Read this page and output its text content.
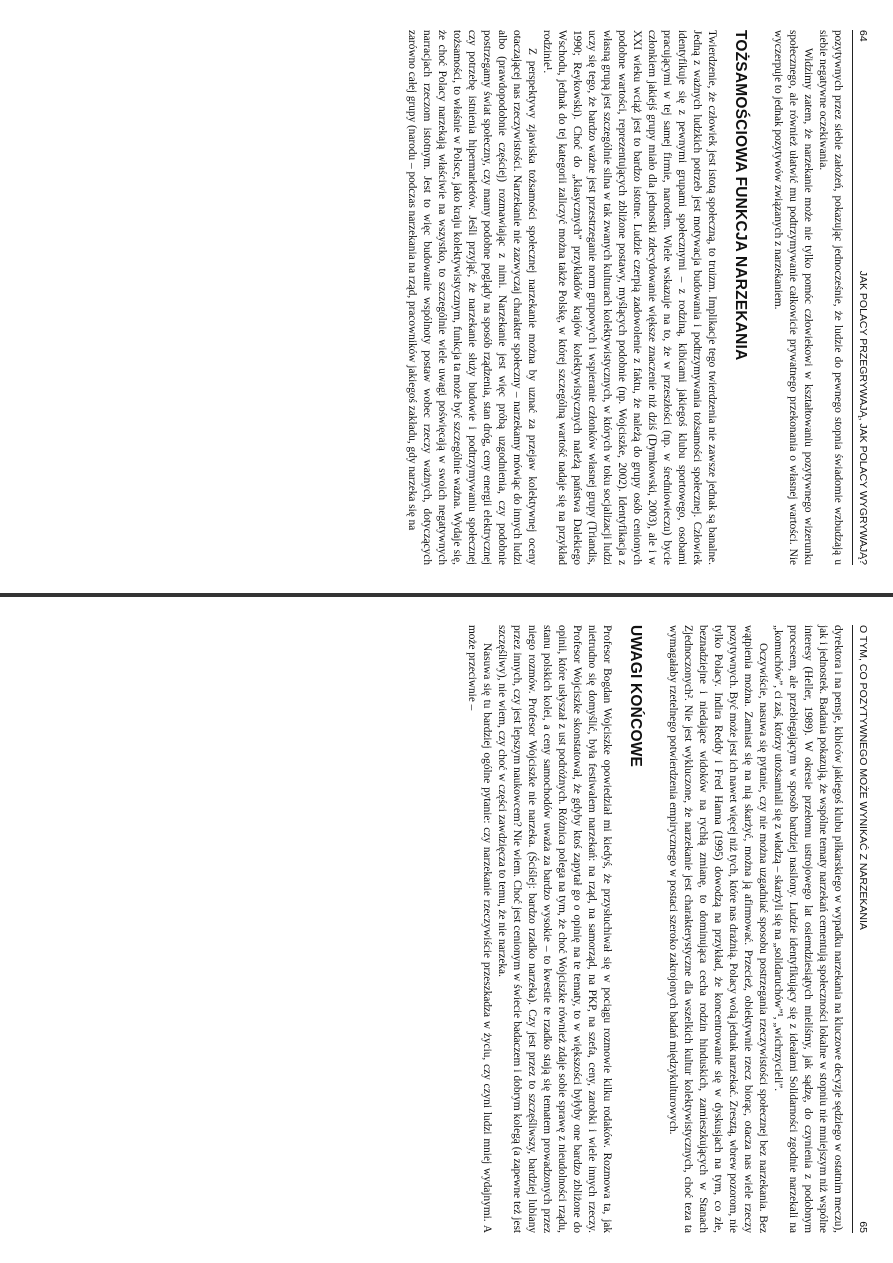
64
JAK POLACY PRZEGRYWAJĄ, JAK POLACY WYGRYWAJĄ?

pozytywnych przez siebie założeń, pokazując jednocześnie, że ludzie do pewnego stopnia świadomie wzbudzają u siebie negatywne oczekiwania.

Widzimy zatem, że narzekanie może nie tylko pomóc człowiekowi w kształtowaniu pozytywnego wizerunku społecznego, ale również ułatwić mu podtrzymywanie całkowicie prywatnego przekonania o własnej wartości. Nie wyczerpuje to jednak pozytywów związanych z narzekaniem.

TOŻSAMOŚCIOWA FUNKCJA NARZEKANIA

Twierdzenie, że człowiek jest istotą społeczną, to truizm. Implikacje tego twierdzenia nie zawsze jednak są banalne. Jedną z ważnych ludzkich potrzeb jest motywacja budowania i podtrzymywania tożsamości społecznej. Człowiek identyfikuje się z pewnymi grupami społecznymi – z rodziną, kibicami jakiegoś klubu sportowego, osobami pracującymi w tej samej firmie, narodem. Wiele wskazuje na to, że w przeszłości (np. w średniowieczu) bycie członkiem jakiejś grupy miało dla jednostki zdecydowanie większe znaczenie niż dziś (Dymkowski, 2003), ale i w XXI wieku wciąż jest to bardzo istotne. Ludzie czerpią zadowolenie z faktu, że należą do grupy osób cenionych podobne wartości, reprezentujących zbliżone postawy, myślących podobnie (np. Wojciszke, 2002). Identyfikacja z własną grupą jest szczególnie silna w tak zwanych kulturach kolektywistycznych, w których w toku socjalizacji ludzi uczy się tego, że bardzo ważne jest przestrzeganie norm grupowych i wspieranie członków własnej grupy (Triandis, 1990; Reykowski). Choć do „klasycznych” przykładów krajów kolektywistycznych należą państwa Dalekiego Wschodu, jednak do tej kategorii zaliczyć można także Polskę, w której szczególną wartość nadaje się na przykład rodzinie¹.

Z perspektywy zjawiska tożsamości społecznej narzekanie można by uznać za przejaw kolektywnej oceny otaczającej nas rzeczywistości. Narzekanie nie zazwyczaj charakter społeczny – narzekamy mówiąc do innych ludzi albo (prawdopodobnie częściej) rozmawiając z nimi. Narzekanie jest więc próbą uzgodnienia, czy podobnie postrzegamy świat społeczny, czy mamy podobne poglądy na sposób rządzenia, stan dróg, ceny energii elektrycznej czy potrzebę istnienia hipermarketów. Jeśli przyjąć, że narzekanie służy budowie i podtrzymywaniu społecznej tożsamości, to właśnie w Polsce, jako kraju kolektywistycznym, funkcja ta może być szczególnie ważna. Wydaje się, że choć Polacy narzekają właściwie na wszystko, to szczególnie wiele uwagi poświęcają w swoich negatywnych narracjach rzeczom istotnym. Jest to więc budowanie wspólnoty postaw wobec rzeczy ważnych, dotyczących zarówno całej grupy (narodu – podczas narzekania na rząd, pracowników jakiegoś zakładu, gdy narzeka się na

O TYM, CO POZYTYWNEGO MOŻE WYNIKAĆ Z NARZEKANIA
65

dyrektora i na pensje, kibiców jakiegoś klubu piłkarskiego w wypadku narzekania na kluczowe decyzje sędziego w ostatnim meczu), jak i jednostek. Badania pokazują, że wspólne tematy narzekań cementują społeczności lokalne w stopniu nie mniejszym niż wspólne interesy (Heller, 1989). W okresie przełomu ustrojowego lat osiemdziesiątych mieliśmy, jak sądzę, do czynienia z podobnym procesem, ale przebiegającym w sposób bardziej nasilony. Ludzie identyfikujący się z ideałami Solidarności zgodnie narzekali na „komuchów”, ci zaś, którzy utożsamiali się z władzą – skarżyli się na „solidaruchów”¹, „wichrzycieli”.

Oczywiście, nasuwa się pytanie, czy nie można uzgadniać sposobu postrzegania rzeczywistości społecznej bez narzekania. Bez wątpienia można. Zamiast się na nią skarżyć, można ją afirmować. Przecież, obiektywnie rzecz biorąc, otacza nas wiele rzeczy pozytywnych. Być może jest ich nawet więcej niż tych, które nas drażnią. Polacy wolą jednak narzekać. Zresztą, wbrew pozorom, nie tylko Polacy. Indira Reddy i Fred Hanna (1995) dowodzą na przykład, że koncentrowanie się w dyskusjach na tym, co złe, beznadziejne i niedające widoków na rychłą zmianę, to dominująca cecha rodzin hinduskich, zamieszkujących w Stanach Zjednoczonych². Nie jest wykluczone, że narzekanie jest charakterystyczne dla wszelkich kultur kolektywistycznych, choć teza ta wymagałaby rzetelnego potwierdzenia empirycznego w postaci szeroko zakrojonych badań międzykulturowych.

UWAGI KOŃCOWE

Profesor Bogdan Wojciszke opowiedział mi kiedyś, że przysłuchiwał się w pociągu rozmowie kilku rodaków. Rozmowa ta, jak nietrudno się domyślić, była festiwalem narzekań: na rząd, na samorząd, na PKP, na szefa, ceny, zarobki i wiele innych rzeczy. Profesor Wojciszke skonstatował, że gdyby ktoś zapytał go o opinię na te tematy, to w większości byłyby one bardzo zbliżone do opinii, które usłyszał z ust podróżnych. Różnica polega na tym, że choć Wojciszke również zdaje sobie sprawę z nieudolności rządu, stanu polskich kolei, a ceny samochodów uważa za bardzo wysokie – to kwestie te rzadko stają się tematem prowadzonych przez niego rozmów. Profesor Wojciszke nie narzeka. (Ściślej: bardzo rzadko narzeka). Czy jest przez to szczęśliwszy, bardziej lubiany przez innych, czy jest lepszym naukowcem? Nie wiem. Choć jest cenionym w świecie badaczem i dobrym kolegą (a zapewne też jest szczęśliwy), nie wiem, czy choć w części zawdzięcza to temu, że nie narzeka.

Nasuwa się tu bardziej ogólne pytanie: czy narzekanie rzeczywiście przeszkadza w życiu, czy czyni ludzi mniej wydajnymi. A może przeciwnie –
